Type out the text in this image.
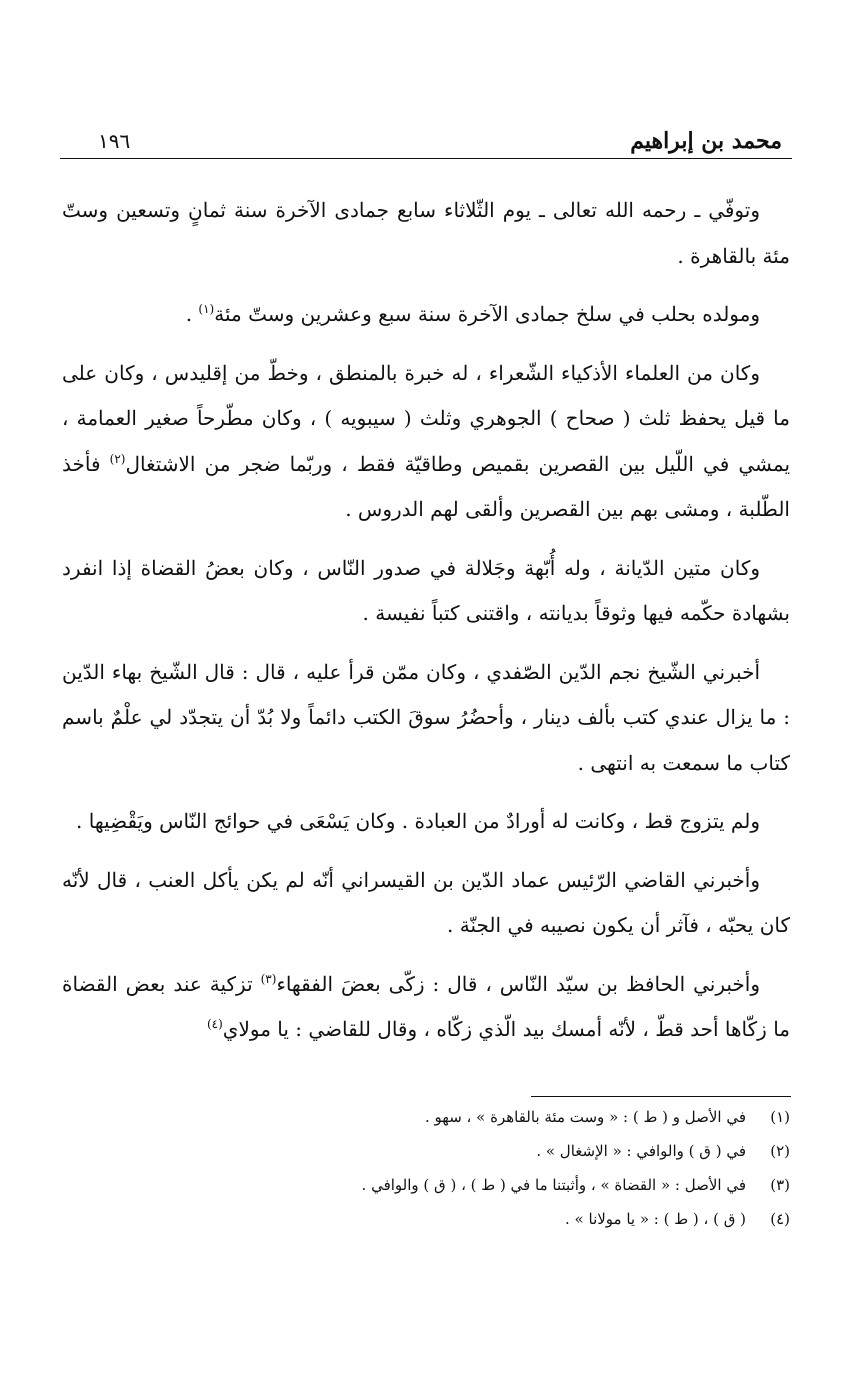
محمد بن إبراهيم
١٩٦

وتوفّي ـ رحمه الله تعالى ـ يوم الثّلاثاء سابع جمادى الآخرة سنة ثمانٍ وتسعين وستّ مئة بالقاهرة .

ومولده بحلب في سلخ جمادى الآخرة سنة سبع وعشرين وستّ مئة$^{(١)}$ .

وكان من العلماء الأذكياء الشّعراء ، له خبرة بالمنطق ، وخطّ من إقليدس ، وكان على ما قيل يحفظ ثلث ( صحاح ) الجوهري وثلث ( سيبويه ) ، وكان مطّرحاً صغير العمامة ، يمشي في اللّيل بين القصرين بقميص وطاقيّة فقط ، وربّما ضجر من الاشتغال$^{(٢)}$ فأخذ الطّلبة ، ومشى بهم بين القصرين وألقى لهم الدروس .

وكان متين الدّيانة ، وله أُبّهة وجَلالة في صدور النّاس ، وكان بعضُ القضاة إذا انفرد بشهادة حكّمه فيها وثوقاً بديانته ، واقتنى كتباً نفيسة .

أخبرني الشّيخ نجم الدّين الصّفدي ، وكان ممّن قرأ عليه ، قال : قال الشّيخ بهاء الدّين : ما يزال عندي كتب بألف دينار ، وأحضُرُ سوقَ الكتب دائماً ولا بُدّ أن يتجدّد لي علْمٌ باسم كتاب ما سمعت به انتهى .

ولم يتزوج قط ، وكانت له أورادٌ من العبادة . وكان يَسْعَى في حوائج النّاس ويَقْضِيها .

وأخبرني القاضي الرّئيس عماد الدّين بن القيسراني أنّه لم يكن يأكل العنب ، قال لأنّه كان يحبّه ، فآثر أن يكون نصيبه في الجنّة .

وأخبرني الحافظ بن سيّد النّاس ، قال : زكّى بعضَ الفقهاء$^{(٣)}$ تزكية عند بعض القضاة ما زكّاها أحد قطّ ، لأنّه أمسك بيد الّذي زكّاه ، وقال للقاضي : يا مولاي$^{(٤)}$

(١)
في الأصل و ( ط ) : « وست مئة بالقاهرة » ، سهو .
(٢)
في ( ق ) والوافي : « الإشغال » .
(٣)
في الأصل : « القضاة » ، وأثبتنا ما في ( ط ) ، ( ق ) والوافي .
(٤)
( ق ) ، ( ط ) : « يا مولانا » .
